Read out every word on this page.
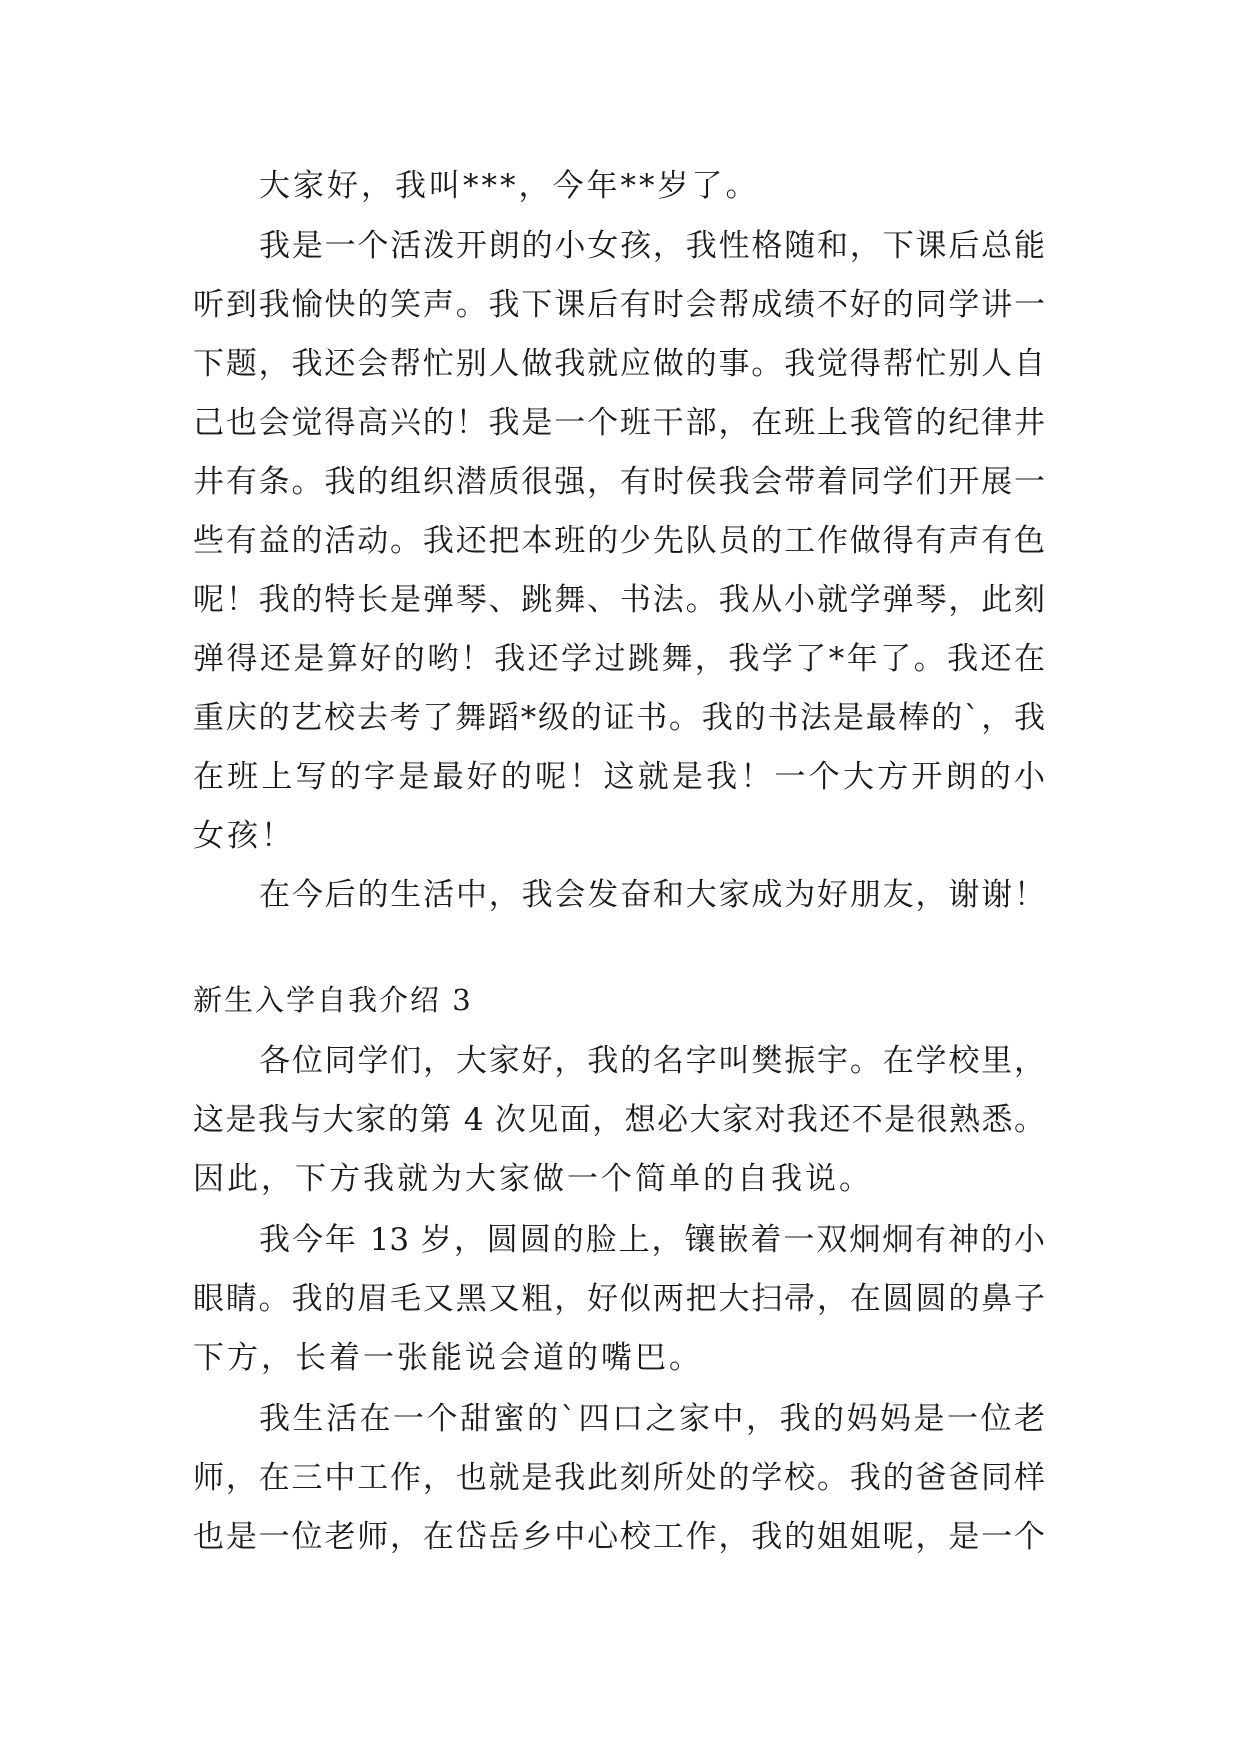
大家好，我叫***，今年**岁了。
我是一个活泼开朗的小女孩，我性格随和，下课后总能
听到我愉快的笑声。我下课后有时会帮成绩不好的同学讲一
下题，我还会帮忙别人做我就应做的事。我觉得帮忙别人自
己也会觉得高兴的！我是一个班干部，在班上我管的纪律井
井有条。我的组织潜质很强，有时侯我会带着同学们开展一
些有益的活动。我还把本班的少先队员的工作做得有声有色
呢！我的特长是弹琴、跳舞、书法。我从小就学弹琴，此刻
弹得还是算好的哟！我还学过跳舞，我学了*年了。我还在
重庆的艺校去考了舞蹈*级的证书。我的书法是最棒的`，我
在班上写的字是最好的呢！这就是我！一个大方开朗的小
女孩！
在今后的生活中，我会发奋和大家成为好朋友，谢谢！
新生入学自我介绍 3
各位同学们，大家好，我的名字叫樊振宇。在学校里，
这是我与大家的第 4 次见面，想必大家对我还不是很熟悉。
因此，下方我就为大家做一个简单的自我说。
我今年 13 岁，圆圆的脸上，镶嵌着一双炯炯有神的小
眼睛。我的眉毛又黑又粗，好似两把大扫帚，在圆圆的鼻子
下方，长着一张能说会道的嘴巴。
我生活在一个甜蜜的`四口之家中，我的妈妈是一位老
师，在三中工作，也就是我此刻所处的学校。我的爸爸同样
也是一位老师，在岱岳乡中心校工作，我的姐姐呢，是一个
